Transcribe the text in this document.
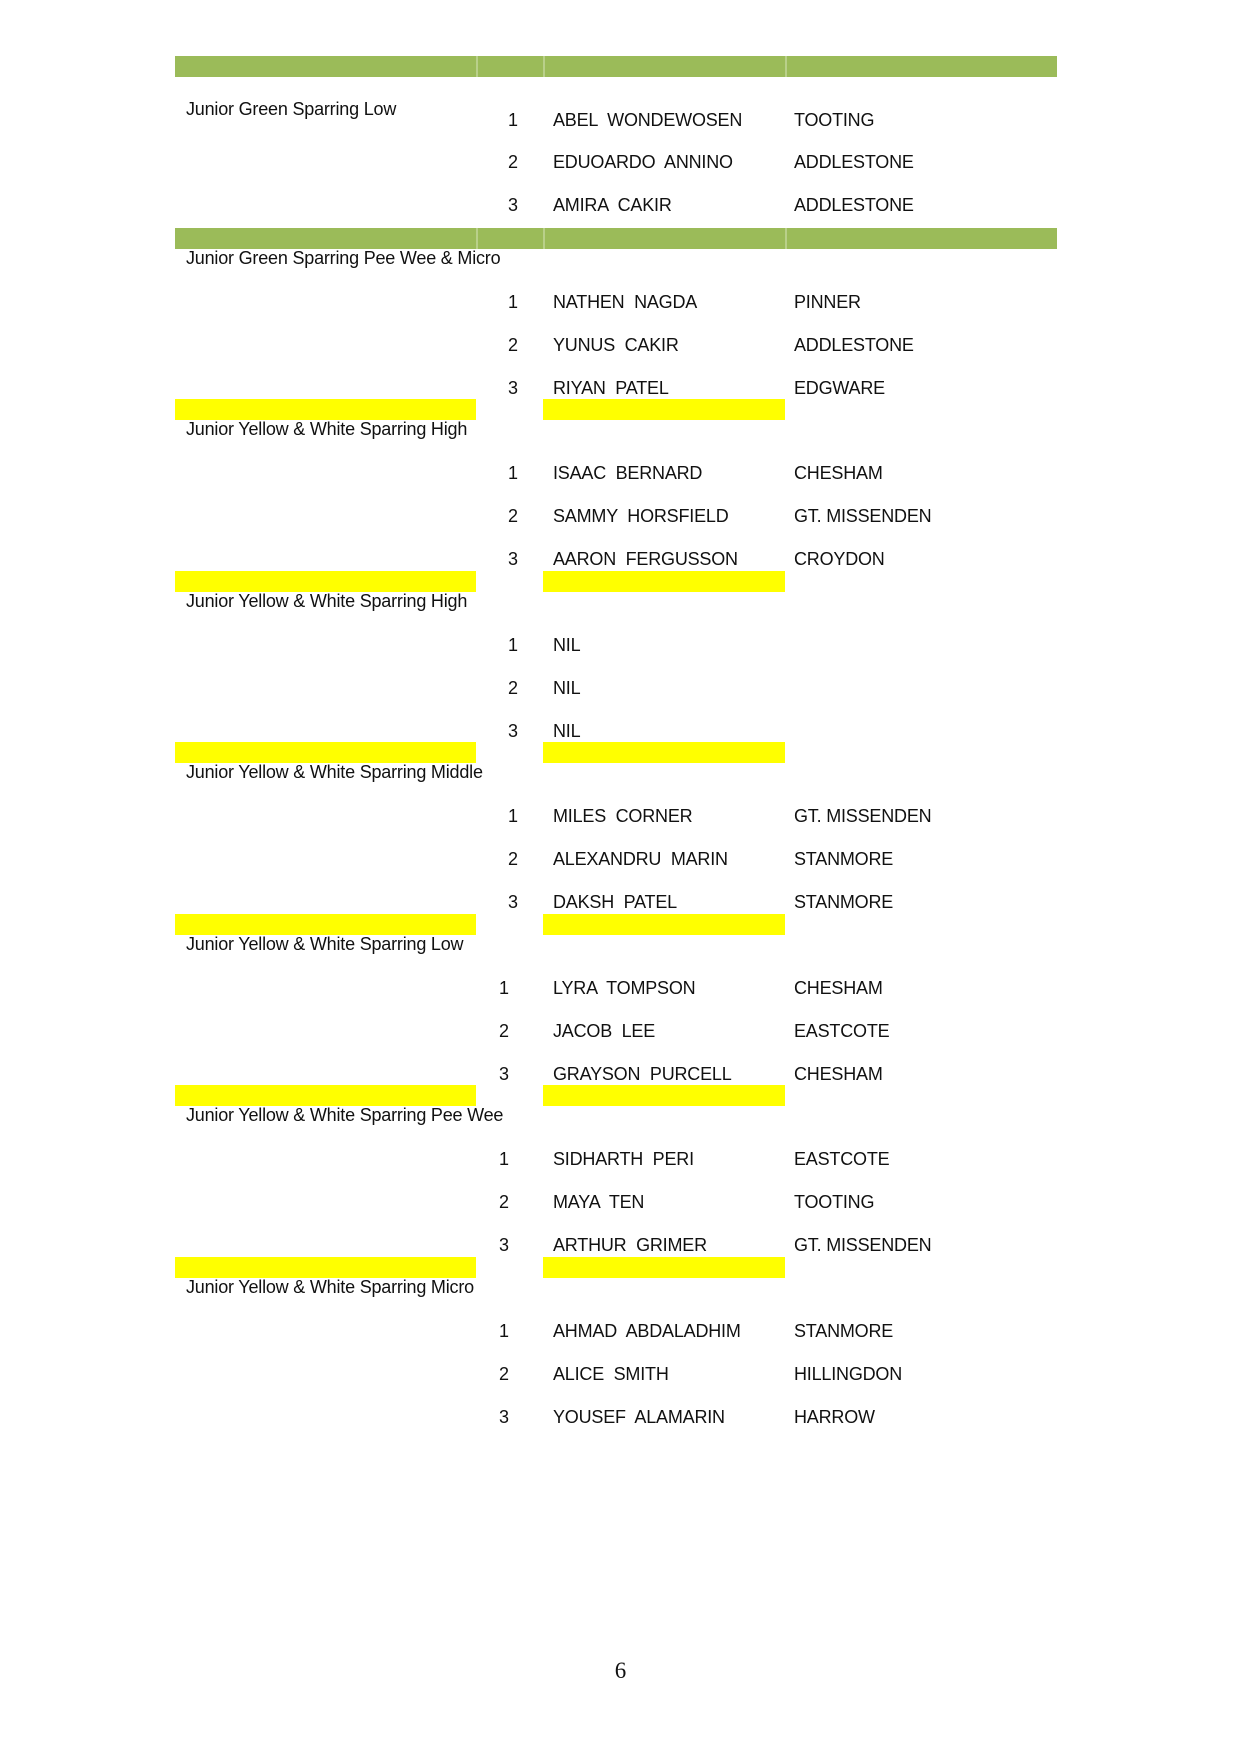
Junior Green Sparring Low
1 ABEL  WONDEWOSEN	TOOTING
2 EDUOARDO  ANNINO	ADDLESTONE
3 AMIRA  CAKIR	ADDLESTONE
Junior Green Sparring Pee Wee & Micro
1 NATHEN  NAGDA	PINNER
2 YUNUS  CAKIR	ADDLESTONE
3 RIYAN  PATEL	EDGWARE
Junior Yellow & White Sparring High
1 ISAAC  BERNARD	CHESHAM
2 SAMMY  HORSFIELD	GT. MISSENDEN
3 AARON  FERGUSSON	CROYDON
Junior Yellow & White Sparring High
1 NIL
2 NIL
3 NIL
Junior Yellow & White Sparring Middle
1 MILES  CORNER	GT. MISSENDEN
2 ALEXANDRU  MARIN	STANMORE
3 DAKSH  PATEL	STANMORE
Junior Yellow & White Sparring Low
1 LYRA  TOMPSON	CHESHAM
2 JACOB  LEE	EASTCOTE
3 GRAYSON  PURCELL	CHESHAM
Junior Yellow & White Sparring Pee Wee
1 SIDHARTH  PERI	EASTCOTE
2 MAYA  TEN	TOOTING
3 ARTHUR  GRIMER	GT. MISSENDEN
Junior Yellow & White Sparring Micro
1 AHMAD  ABDALADHIM	STANMORE
2 ALICE  SMITH	HILLINGDON
3 YOUSEF  ALAMARIN	HARROW
6
